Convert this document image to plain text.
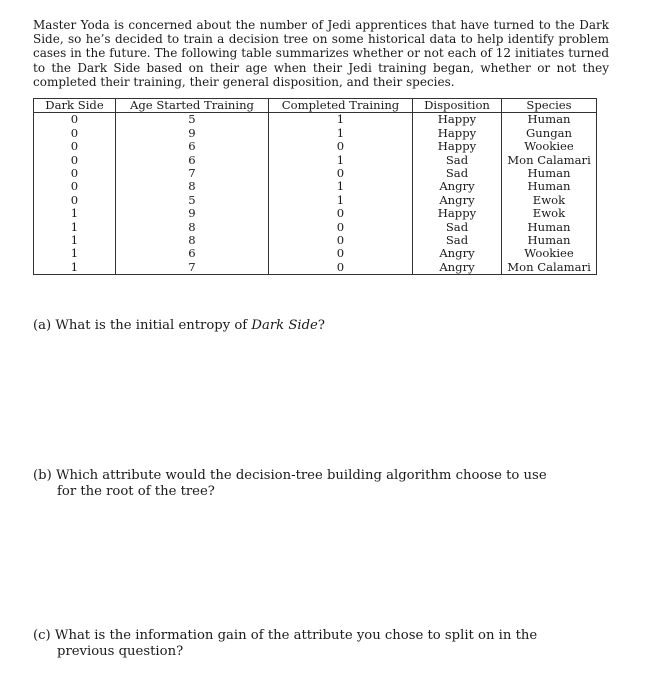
Master Yoda is concerned about the number of Jedi apprentices that have turned to the Dark Side, so he’s decided to train a decision tree on some historical data to help identify problem cases in the future. The following table summarizes whether or not each of 12 initiates turned to the Dark Side based on their age when their Jedi training began, whether or not they completed their training, their general disposition, and their species.

Dark Side	Age Started Training	Completed Training	Disposition	Species
0	5	1	Happy	Human
0	9	1	Happy	Gungan
0	6	0	Happy	Wookiee
0	6	1	Sad	Mon Calamari
0	7	0	Sad	Human
0	8	1	Angry	Human
0	5	1	Angry	Ewok
1	9	0	Happy	Ewok
1	8	0	Sad	Human
1	8	0	Sad	Human
1	6	0	Angry	Wookiee
1	7	0	Angry	Mon Calamari

(a) What is the initial entropy of Dark Side?

(b) Which attribute would the decision-tree building algorithm choose to use
for the root of the tree?

(c) What is the information gain of the attribute you chose to split on in the
previous question?
